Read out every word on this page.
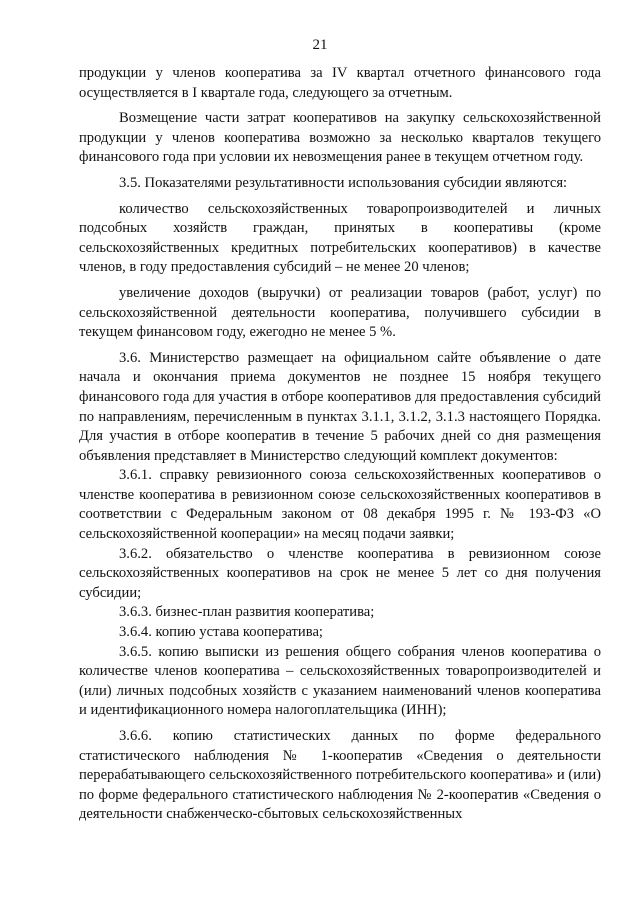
21

продукции у членов кооператива за IV квартал отчетного финансового года осуществляется в I квартале года, следующего за отчетным.

Возмещение части затрат кооперативов на закупку сельскохозяйственной продукции у членов кооператива возможно за несколько кварталов текущего финансового года при условии их невозмещения ранее в текущем отчетном году.

3.5. Показателями результативности использования субсидии являются:

количество сельскохозяйственных товаропроизводителей и личных подсобных хозяйств граждан, принятых в кооперативы (кроме сельскохозяйственных кредитных потребительских кооперативов) в качестве членов, в году предоставления субсидий – не менее 20 членов;

увеличение доходов (выручки) от реализации товаров (работ, услуг) по сельскохозяйственной деятельности кооператива, получившего субсидии в текущем финансовом году, ежегодно не менее 5 %.

3.6. Министерство размещает на официальном сайте объявление о дате начала и окончания приема документов не позднее 15 ноября текущего финансового года для участия в отборе кооперативов для предоставления субсидий по направлениям, перечисленным в пунктах 3.1.1, 3.1.2, 3.1.3 настоящего Порядка. Для участия в отборе кооператив в течение 5 рабочих дней со дня размещения объявления представляет в Министерство следующий комплект документов:

3.6.1. справку ревизионного союза сельскохозяйственных кооперативов о членстве кооператива в ревизионном союзе сельскохозяйственных кооперативов в соответствии с Федеральным законом от 08 декабря 1995 г. № 193-ФЗ «О сельскохозяйственной кооперации» на месяц подачи заявки;

3.6.2. обязательство о членстве кооператива в ревизионном союзе сельскохозяйственных кооперативов на срок не менее 5 лет со дня получения субсидии;

3.6.3. бизнес-план развития кооператива;

3.6.4. копию устава кооператива;

3.6.5. копию выписки из решения общего собрания членов кооператива о количестве членов кооператива – сельскохозяйственных товаропроизводителей и (или) личных подсобных хозяйств с указанием наименований членов кооператива и идентификационного номера налогоплательщика (ИНН);

3.6.6. копию статистических данных по форме федерального статистического наблюдения № 1-кооператив «Сведения о деятельности перерабатывающего сельскохозяйственного потребительского кооператива» и (или) по форме федерального статистического наблюдения № 2-кооператив «Сведения о деятельности снабженческо-сбытовых сельскохозяйственных
